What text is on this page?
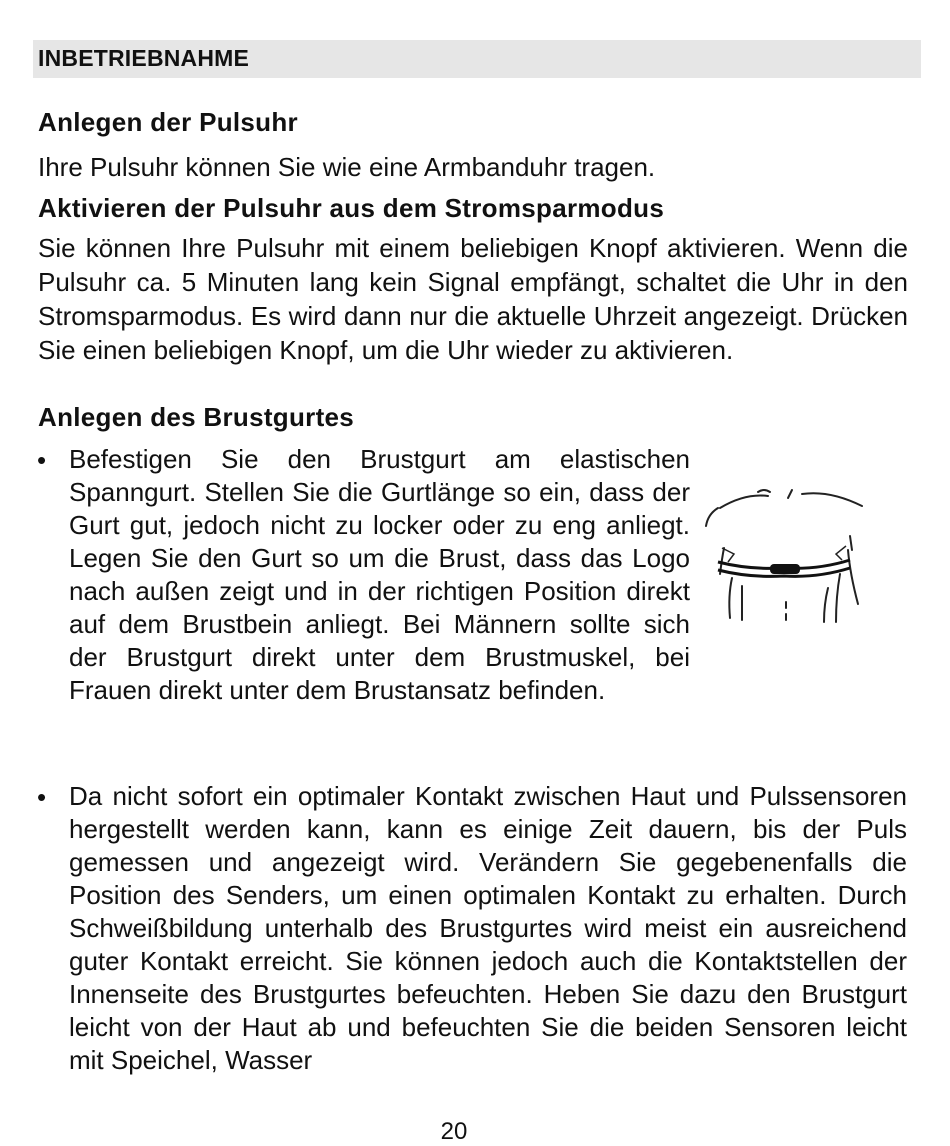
INBETRIEBNAHME
Anlegen der Pulsuhr
Ihre Pulsuhr können Sie wie eine Armbanduhr tragen.
Aktivieren der Pulsuhr aus dem Stromsparmodus
Sie können Ihre Pulsuhr mit einem beliebigen Knopf aktivieren. Wenn die Pulsuhr ca. 5 Minuten lang kein Signal empfängt, schaltet die Uhr in den Stromsparmodus. Es wird dann nur die aktuelle Uhrzeit angezeigt. Drücken Sie einen beliebigen Knopf, um die Uhr wieder zu aktivieren.
Anlegen des Brustgurtes
• Befestigen Sie den Brustgurt am elastischen Spanngurt. Stellen Sie die Gurtlänge so ein, dass der Gurt gut, jedoch nicht zu locker oder zu eng anliegt. Legen Sie den Gurt so um die Brust, dass das Logo nach außen zeigt und in der richtigen Position direkt auf dem Brustbein anliegt. Bei Männern sollte sich der Brustgurt direkt unter dem Brustmuskel, bei Frauen direkt unter dem Brustansatz befinden.
• Da nicht sofort ein optimaler Kontakt zwischen Haut und Pulssensoren hergestellt werden kann, kann es einige Zeit dauern, bis der Puls gemessen und angezeigt wird. Verändern Sie gegebenenfalls die Position des Senders, um einen optimalen Kontakt zu erhalten. Durch Schweißbildung unterhalb des Brustgurtes wird meist ein ausreichend guter Kontakt erreicht. Sie können jedoch auch die Kontaktstellen der Innenseite des Brustgurtes befeuchten. Heben Sie dazu den Brustgurt leicht von der Haut ab und befeuchten Sie die beiden Sensoren leicht mit Speichel, Wasser
20
